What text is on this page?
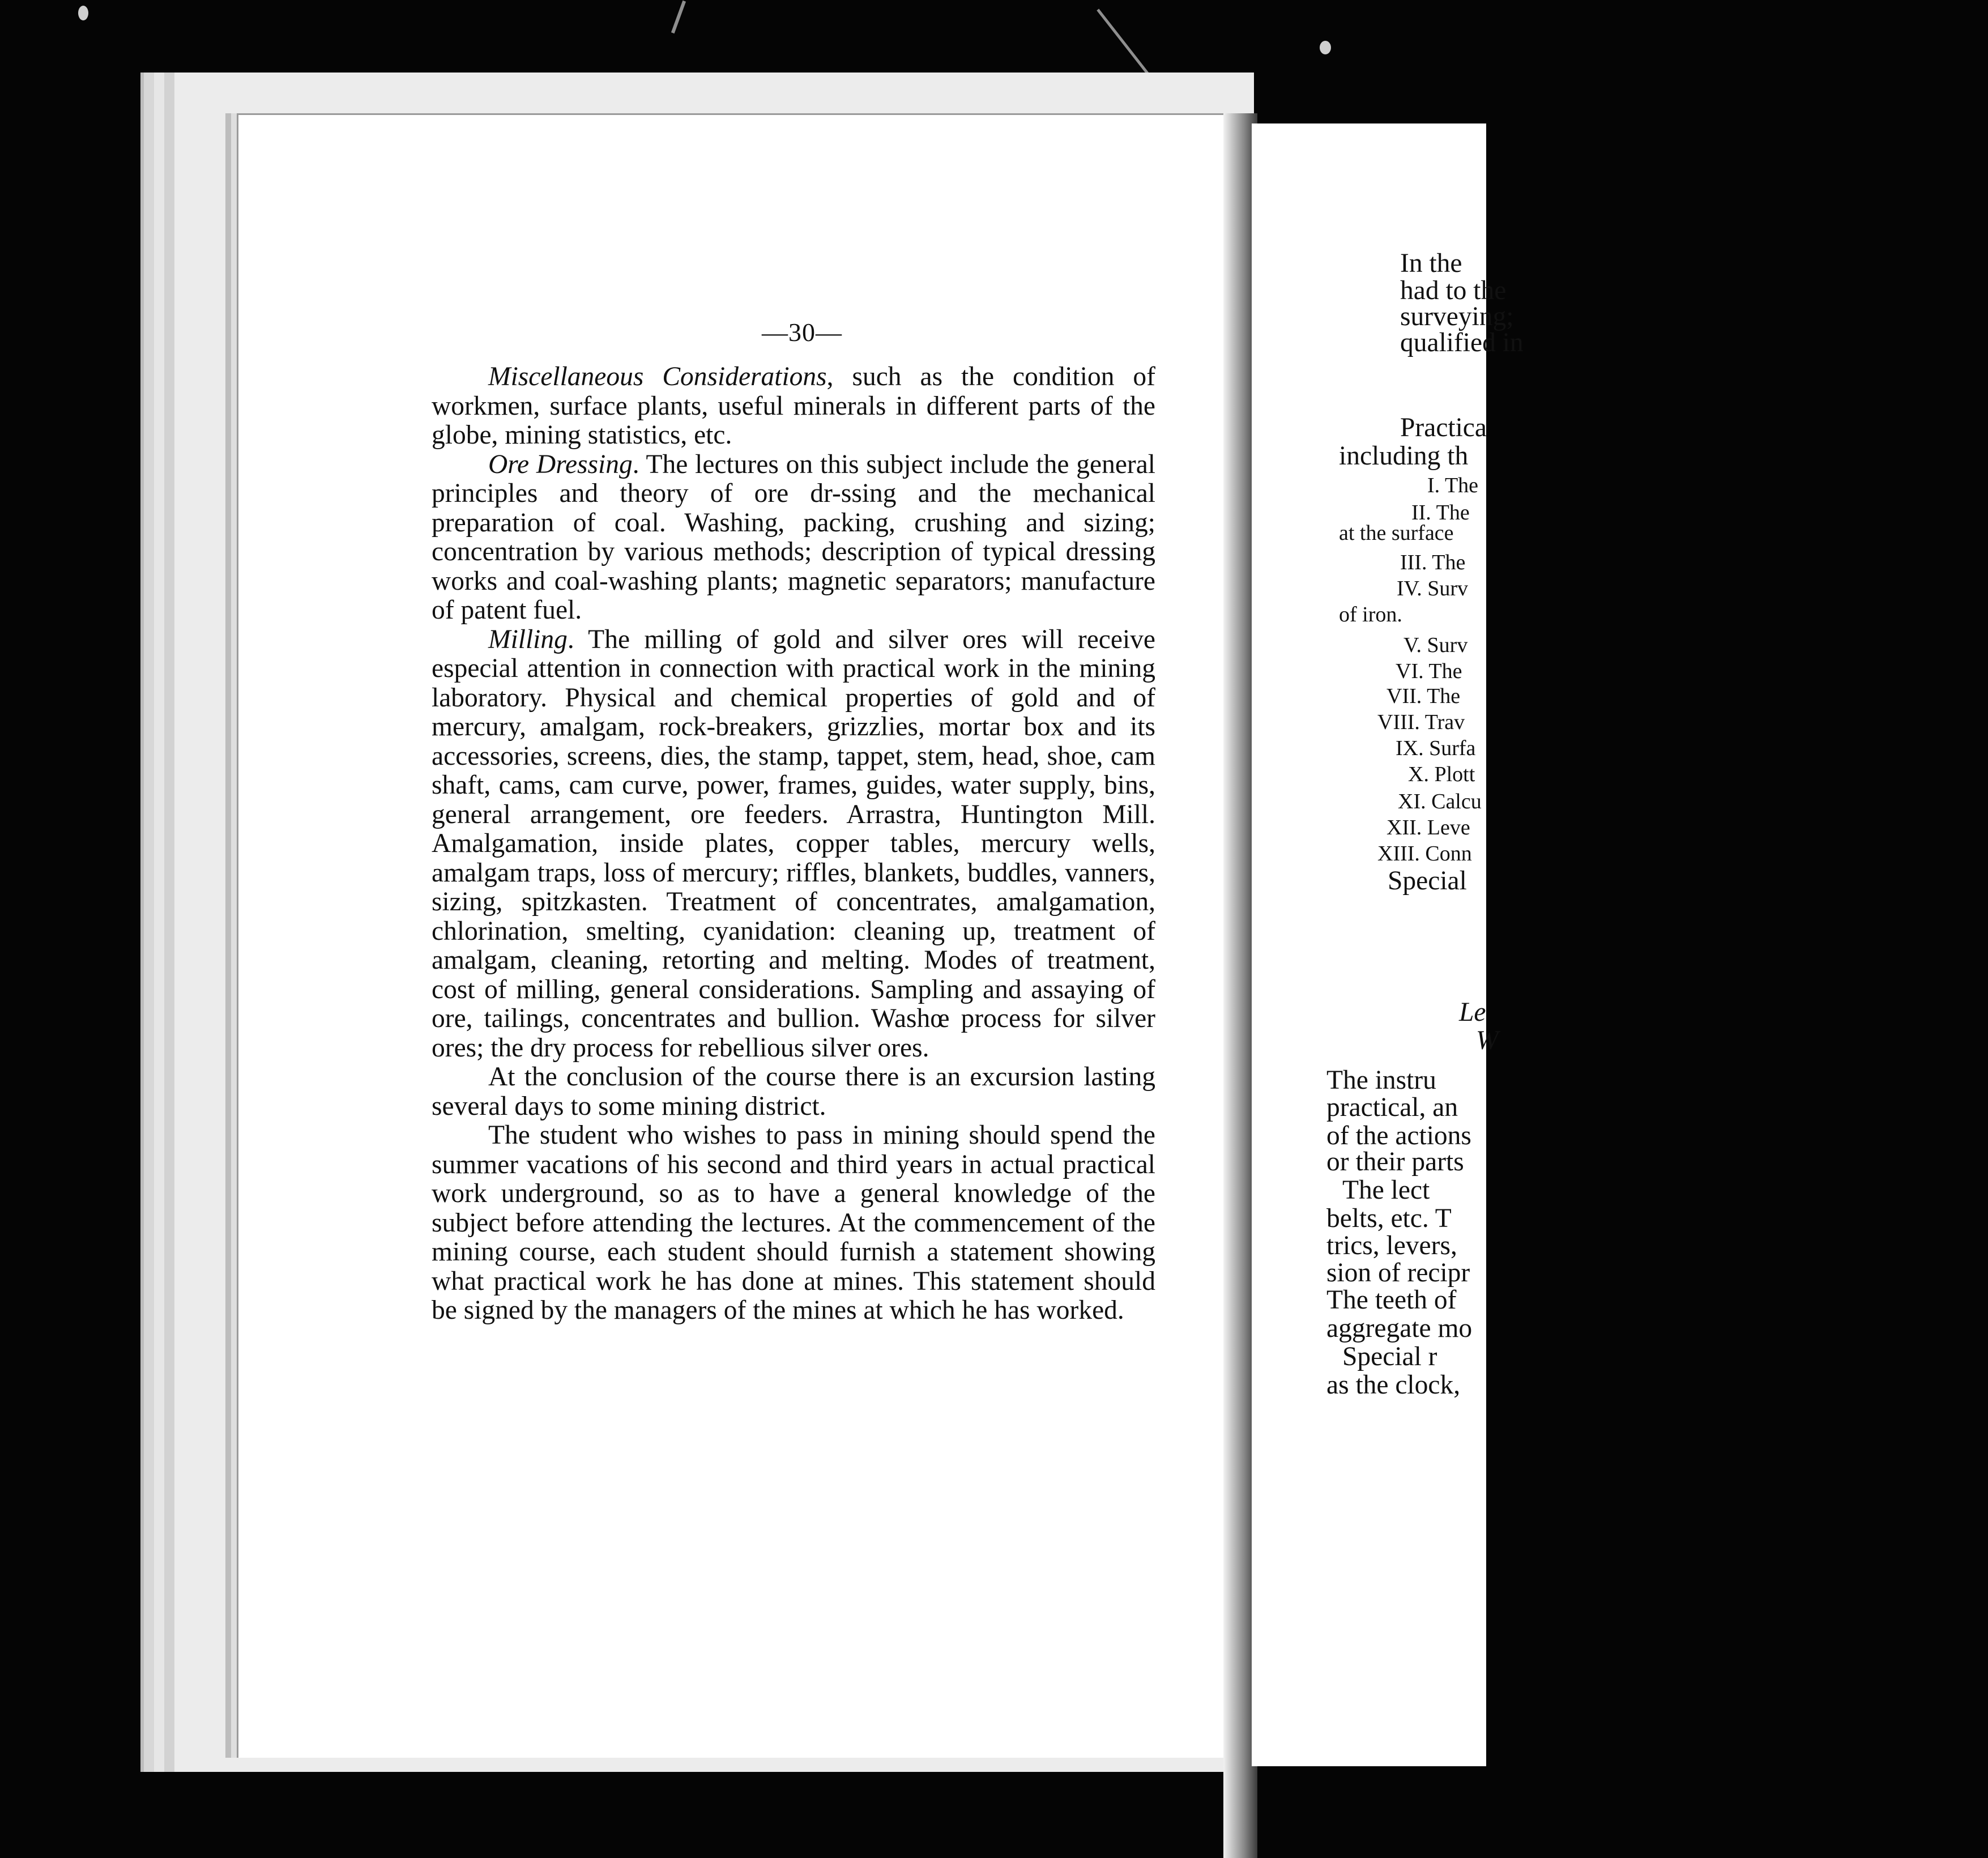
—30—

Miscellaneous Considerations, such as the condition of workmen, surface plants, useful minerals in different parts of the globe, mining statistics, etc.

Ore Dressing. The lectures on this subject include the general principles and theory of ore dr-ssing and the mechanical preparation of coal. Washing, packing, crushing and sizing; concentration by various methods; description of typical dressing works and coal-washing plants; magnetic separators; manufacture of patent fuel.

Milling. The milling of gold and silver ores will receive especial attention in connection with practical work in the mining laboratory. Physical and chemical properties of gold and of mercury, amalgam, rock-breakers, grizzlies, mortar box and its accessories, screens, dies, the stamp, tappet, stem, head, shoe, cam shaft, cams, cam curve, power, frames, guides, water supply, bins, general arrangement, ore feeders. Arrastra, Huntington Mill. Amalgamation, inside plates, copper tables, mercury wells, amalgam traps, loss of mercury; riffles, blankets, buddles, vanners, sizing, spitzkasten. Treatment of concentrates, amalgamation, chlorination, smelting, cyanidation: cleaning up, treatment of amalgam, cleaning, retorting and melting. Modes of treatment, cost of milling, general considerations. Sampling and assaying of ore, tailings, concentrates and bullion. Washœ process for silver ores; the dry process for rebellious silver ores.

At the conclusion of the course there is an excursion lasting several days to some mining district.

The student who wishes to pass in mining should spend the summer vacations of his second and third years in actual practical work underground, so as to have a general knowledge of the subject before attending the lectures. At the commencement of the mining course, each student should furnish a statement showing what practical work he has done at mines. This statement should be signed by the managers of the mines at which he has worked.

In the
had to the
surveying;
qualified in
Practica
including th
I. The
II. The
at the surface
III. The
IV. Surv
of iron.
V. Surv
VI. The
VII. The
VIII. Trav
IX. Surfa
X. Plott
XI. Calcu
XII. Leve
XIII. Conn
Special
Le
W
The instru
practical, an
of the actions
or their parts
The lect
belts, etc. T
trics, levers,
sion of recipr
The teeth of
aggregate mo
Special r
as the clock,
